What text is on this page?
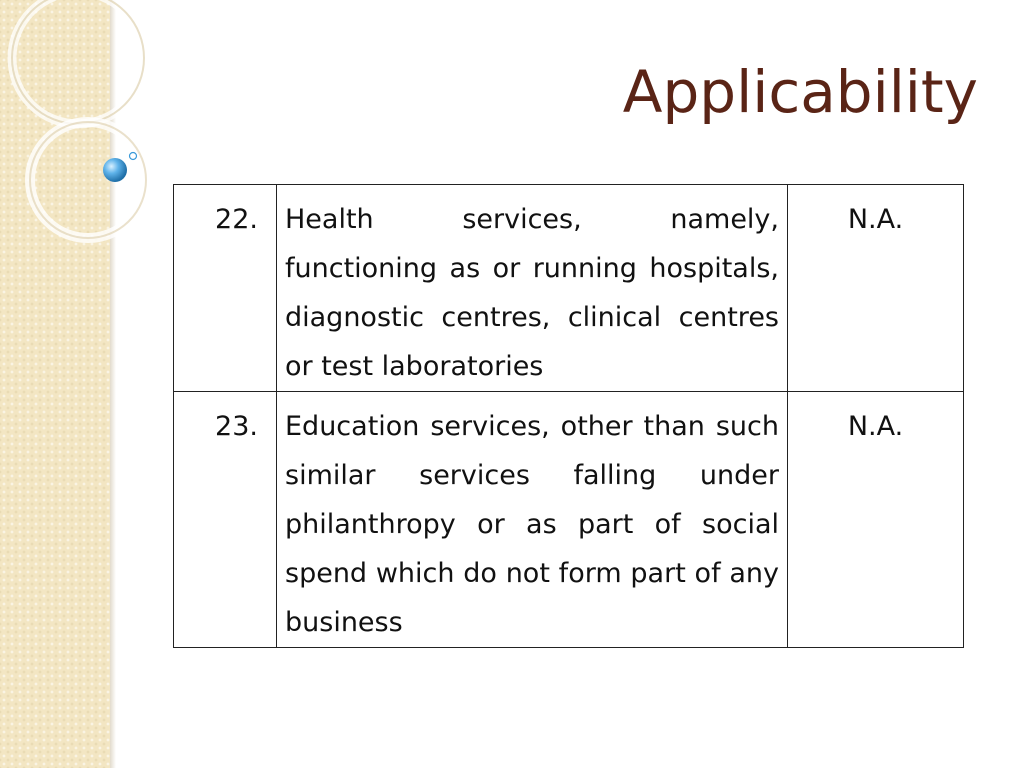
Applicability
22.	Health services, namely, functioning as or running hospitals, diagnostic centres, clinical centres or test laboratories	N.A.
23.	Education services, other than such similar services falling under philanthropy or as part of social spend which do not form part of any business	N.A.
